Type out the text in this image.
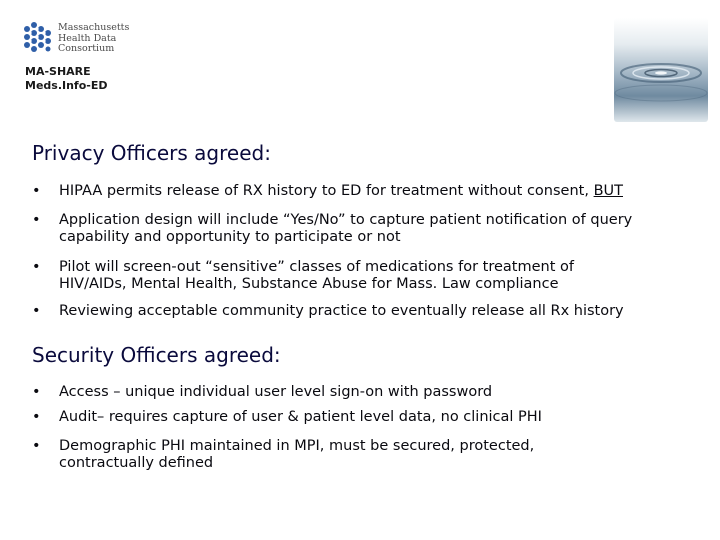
Massachusetts
Health Data
Consortium
MA-SHARE
Meds.Info-ED
Privacy Officers agreed:
• HIPAA permits release of RX history to ED for treatment without consent, BUT
• Application design will include “Yes/No” to capture patient notification of query
capability and opportunity to participate or not
• Pilot will screen-out “sensitive” classes of medications for treatment of
HIV/AIDs, Mental Health, Substance Abuse for Mass. Law compliance
• Reviewing acceptable community practice to eventually release all Rx history
Security Officers agreed:
• Access – unique individual user level sign-on with password
• Audit– requires capture of user & patient level data, no clinical PHI
• Demographic PHI maintained in MPI, must be secured, protected,
contractually defined
